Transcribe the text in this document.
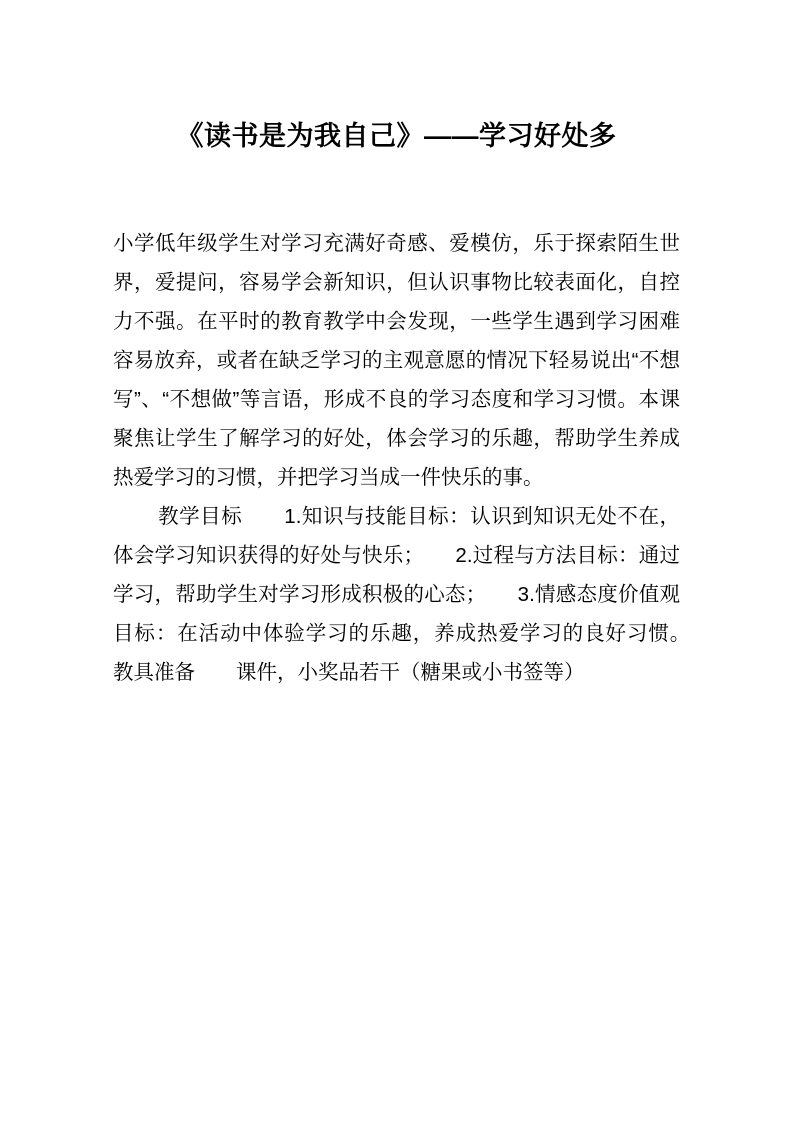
《读书是为我自己》——学习好处多

小学低年级学生对学习充满好奇感、爱模仿，乐于探索陌生世界，爱提问，容易学会新知识，但认识事物比较表面化，自控力不强。在平时的教育教学中会发现，一些学生遇到学习困难容易放弃，或者在缺乏学习的主观意愿的情况下轻易说出“不想写”、“不想做”等言语，形成不良的学习态度和学习习惯。本课聚焦让学生了解学习的好处，体会学习的乐趣，帮助学生养成热爱学习的习惯，并把学习当成一件快乐的事。

教学目标　　1.知识与技能目标：认识到知识无处不在，体会学习知识获得的好处与快乐；　　2.过程与方法目标：通过学习，帮助学生对学习形成积极的心态；　　3.情感态度价值观目标：在活动中体验学习的乐趣，养成热爱学习的良好习惯。　　　　教具准备　　课件，小奖品若干（糖果或小书签等）
